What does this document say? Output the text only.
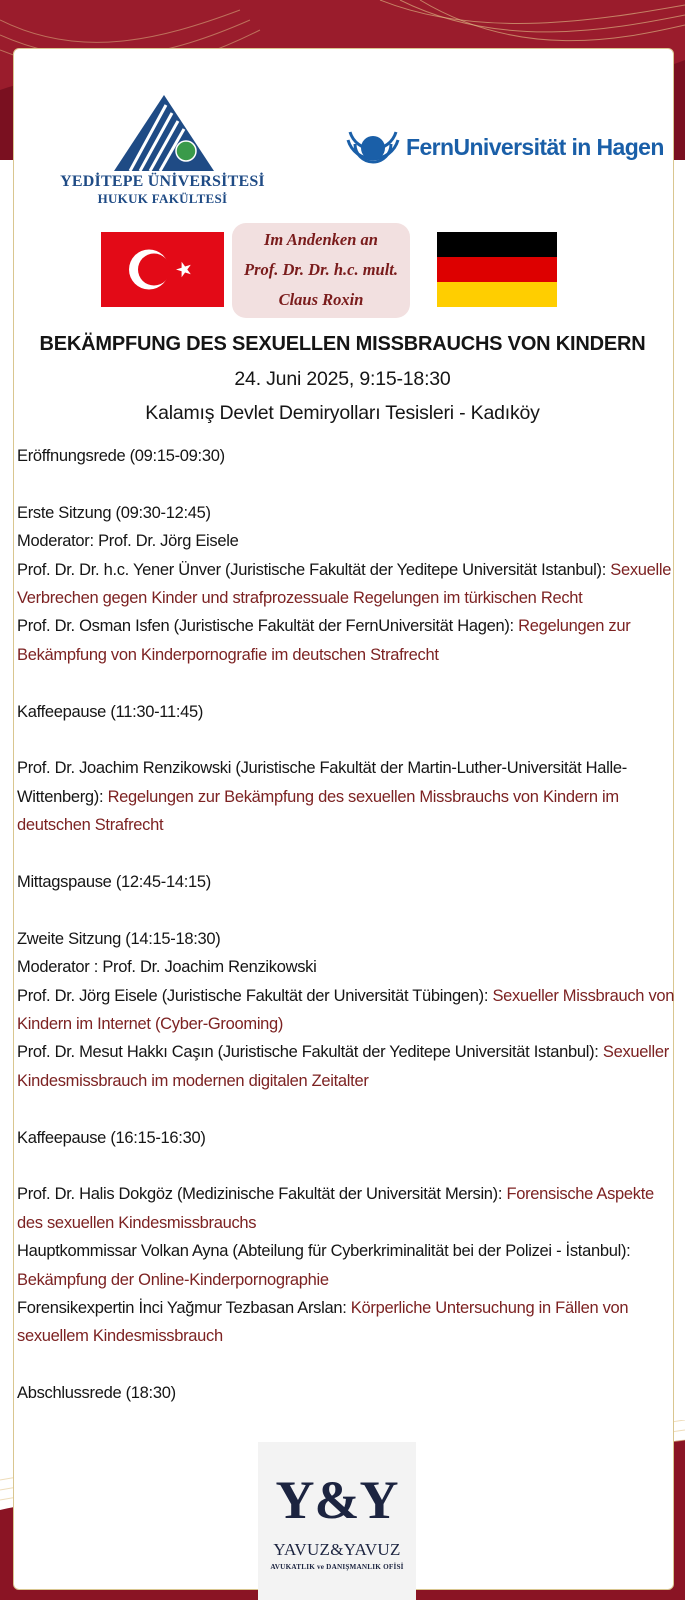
YEDİTEPE ÜNİVERSİTESİ
HUKUK FAKÜLTESİ
FernUniversität in Hagen
Im Andenken an
Prof. Dr. Dr. h.c. mult.
Claus Roxin
BEKÄMPFUNG DES SEXUELLEN MISSBRAUCHS VON KINDERN
24. Juni 2025, 9:15-18:30
Kalamış Devlet Demiryolları Tesisleri - Kadıköy

Eröffnungsrede (09:15-09:30)

Erste Sitzung (09:30-12:45)

Moderator: Prof. Dr. Jörg Eisele

Prof. Dr. Dr. h.c. Yener Ünver (Juristische Fakultät der Yeditepe Universität Istanbul): Sexuelle Verbrechen gegen Kinder und strafprozessuale Regelungen im türkischen Recht

Prof. Dr. Osman Isfen (Juristische Fakultät der FernUniversität Hagen): Regelungen zur Bekämpfung von Kinderpornografie im deutschen Strafrecht

Kaffeepause (11:30-11:45)

Prof. Dr. Joachim Renzikowski (Juristische Fakultät der Martin-Luther-Universität Halle-Wittenberg): Regelungen zur Bekämpfung des sexuellen Missbrauchs von Kindern im deutschen Strafrecht

Mittagspause (12:45-14:15)

Zweite Sitzung (14:15-18:30)

Moderator : Prof. Dr. Joachim Renzikowski

Prof. Dr. Jörg Eisele (Juristische Fakultät der Universität Tübingen): Sexueller Missbrauch von Kindern im Internet (Cyber-Grooming)

Prof. Dr. Mesut Hakkı Caşın (Juristische Fakultät der Yeditepe Universität Istanbul): Sexueller Kindesmissbrauch im modernen digitalen Zeitalter

Kaffeepause (16:15-16:30)

Prof. Dr. Halis Dokgöz (Medizinische Fakultät der Universität Mersin): Forensische Aspekte des sexuellen Kindesmissbrauchs

Hauptkommissar Volkan Ayna (Abteilung für Cyberkriminalität bei der Polizei - İstanbul): Bekämpfung der Online-Kinderpornographie

Forensikexpertin İnci Yağmur Tezbasan Arslan: Körperliche Untersuchung in Fällen von sexuellem Kindesmissbrauch

Abschlussrede (18:30)

Y&Y
YAVUZ&YAVUZ
AVUKATLIK ve DANIŞMANLIK OFİSİ
